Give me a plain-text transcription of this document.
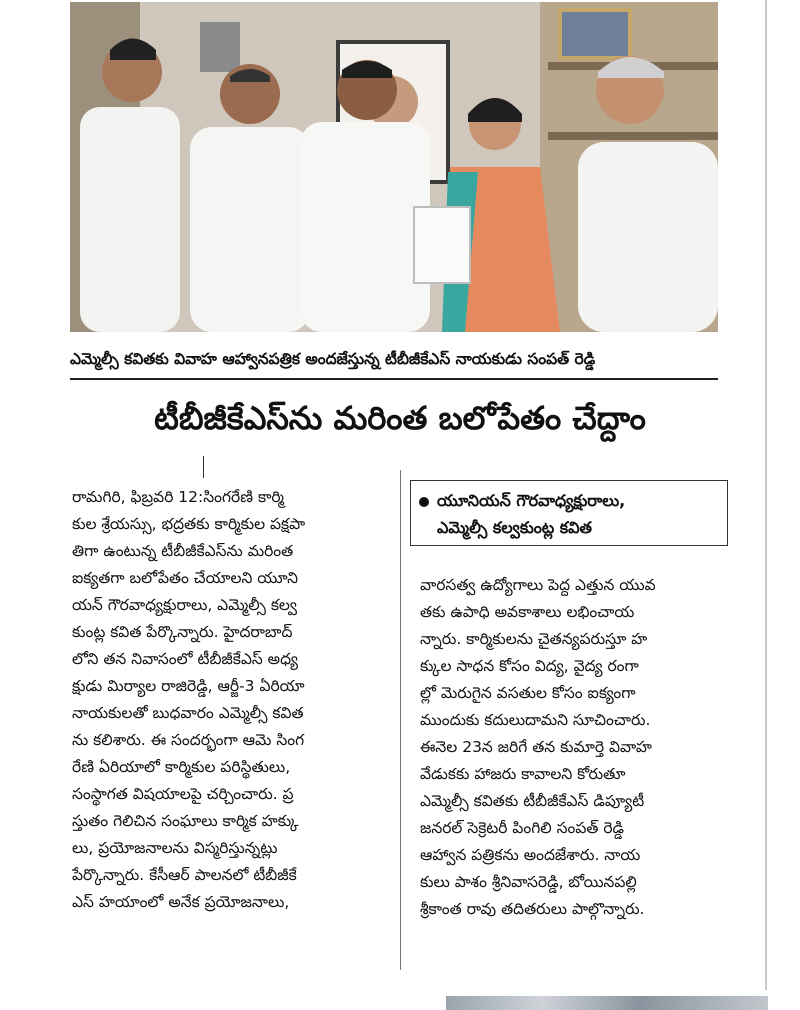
ఎమ్మెల్సీ కవితకు వివాహ ఆహ్వానపత్రిక అందజేస్తున్న టీబీజీకేఎస్ నాయకుడు సంపత్ రెడ్డి
టీబీజీకేఎస్‌ను మరింత బలోపేతం చేద్దాం

రామగిరి, ఫిబ్రవరి 12:సింగరేణి కార్మి

కుల శ్రేయస్సు, భద్రతకు కార్మికుల పక్షపా

తిగా ఉంటున్న టీబీజీకేఎస్‌ను మరింత

ఐక్యతగా బలోపేతం చేయాలని యూని

యన్ గౌరవాధ్యక్షురాలు, ఎమ్మెల్సీ కల్వ

కుంట్ల కవిత పేర్కొన్నారు. హైదరాబాద్

లోని తన నివాసంలో టీబీజీకేఎస్ అధ్య

క్షుడు మిర్యాల రాజిరెడ్డి, ఆర్జీ-3 ఏరియా

నాయకులతో బుధవారం ఎమ్మెల్సీ కవిత

ను కలిశారు. ఈ సందర్భంగా ఆమె సింగ

రేణి ఏరియాలో కార్మికుల పరిస్థితులు,

సంస్థాగత విషయాలపై చర్చించారు. ప్ర

స్తుతం గెలిచిన సంఘాలు కార్మిక హక్కు

లు, ప్రయోజనాలను విస్మరిస్తున్నట్లు

పేర్కొన్నారు. కేసీఆర్ పాలనలో టీబీజీకే

ఎస్ హయాంలో అనేక ప్రయోజనాలు,

యూనియన్ గౌరవాధ్యక్షురాలు,

ఎమ్మెల్సీ కల్వకుంట్ల కవిత

వారసత్వ ఉద్యోగాలు పెద్ద ఎత్తున యువ

తకు ఉపాధి అవకాశాలు లభించాయ

న్నారు. కార్మికులను చైతన్యపరుస్తూ హ

క్కుల సాధన కోసం విద్య, వైద్య రంగా

ల్లో మెరుగైన వసతుల కోసం ఐక్యంగా

ముందుకు కదులుదామని సూచించారు.

ఈనెల 23న జరిగే తన కుమార్తె వివాహ

వేడుకకు హాజరు కావాలని కోరుతూ

ఎమ్మెల్సీ కవితకు టీబీజీకేఎస్ డిప్యూటీ

జనరల్ సెక్రెటరీ పింగిలి సంపత్ రెడ్డి

ఆహ్వాన పత్రికను అందజేశారు. నాయ

కులు పాశం శ్రీనివాసరెడ్డి, బోయినపల్లి

శ్రీకాంత రావు తదితరులు పాల్గొన్నారు.
